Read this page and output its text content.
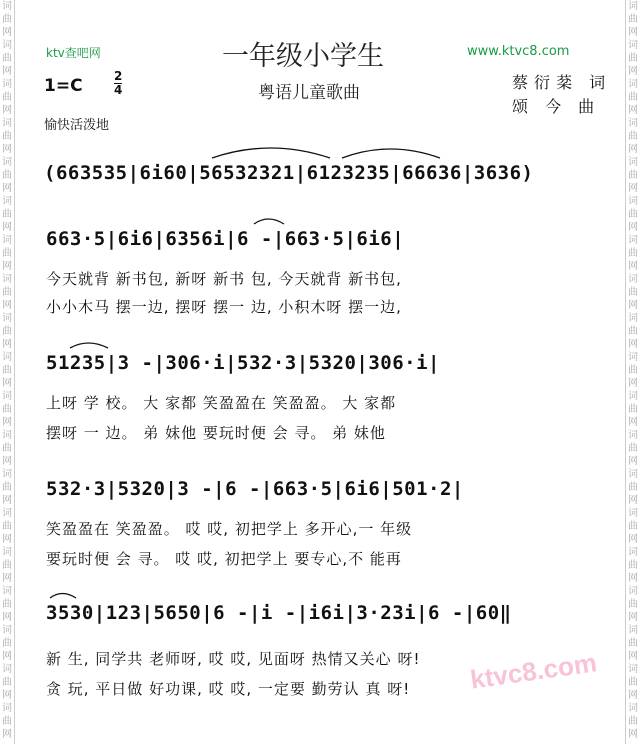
词曲网词曲网词曲网词曲网词曲网词曲网词曲网词曲网词曲网词曲网词曲网词曲网词曲网词曲网词曲网词曲网词曲网词曲网词曲网
词曲网词曲网词曲网词曲网词曲网词曲网词曲网词曲网词曲网词曲网词曲网词曲网词曲网词曲网词曲网词曲网词曲网词曲网词曲网
一年级小学生
粤语儿童歌曲
ktv查吧网	www.ktvc8.com
蔡衍棻 词
颂 今 曲
1=C	2
4
愉快活泼地
(663535|6i60|56532321|6123235|66636|3636)
663·5|6i6|6356i|6 -|663·5|6i6|
今天就背 新书包, 新呀 新书 包, 今天就背 新书包,
小小木马 摆一边, 摆呀 摆一 边, 小积木呀 摆一边,
51235|3 -|306·i|532·3|5320|306·i|
上呀 学 校。 大 家都 笑盈盈在 笑盈盈。 大 家都
摆呀 一 边。 弟 妹他 要玩时便 会 寻。 弟 妹他
532·3|5320|3 -|6 -|663·5|6i6|501·2|
笑盈盈在 笑盈盈。 哎 哎, 初把学上 多开心,一 年级
要玩时便 会 寻。 哎 哎, 初把学上 要专心,不 能再
3530|123|5650|6 -|i -|i6i|3·23i|6 -|60‖
新 生, 同学共 老师呀, 哎 哎, 见面呀 热情又关心 呀!
贪 玩, 平日做 好功课, 哎 哎, 一定要 勤劳认 真 呀! ktvc8.com
